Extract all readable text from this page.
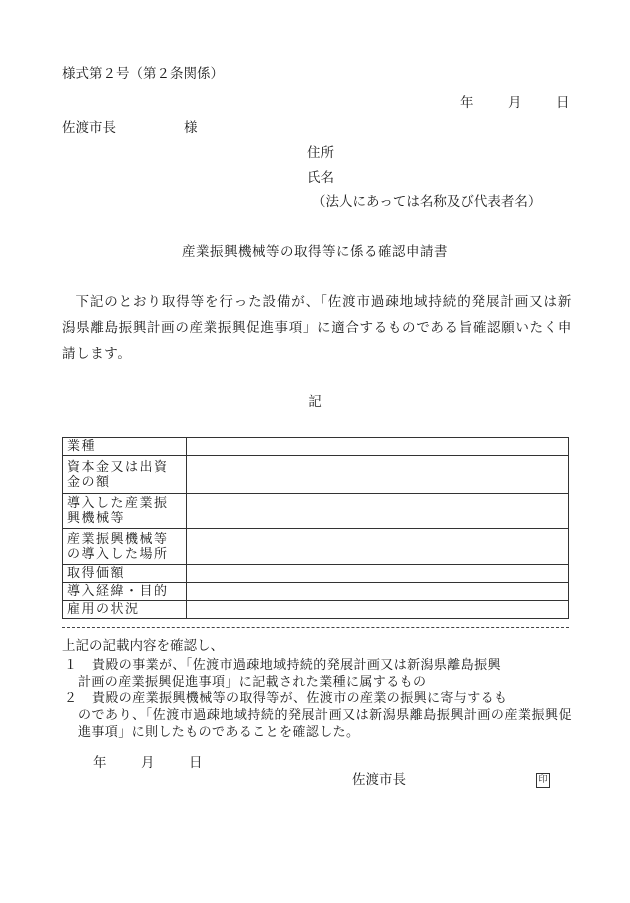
様式第２号（第２条関係）
年	月	日
佐渡市長	様
住所
氏名
（法人にあっては名称及び代表者名）
産業振興機械等の取得等に係る確認申請書
下記のとおり取得等を行った設備が、「佐渡市過疎地域持続的発展計画又は新潟県離島振興計画の産業振興促進事項」に適合するものである旨確認願いたく申請します。
記
業種	
資本金又は出資金の額	
導入した産業振興機械等	
産業振興機械等の導入した場所	
取得価額	
導入経緯・目的	
雇用の状況	
上記の記載内容を確認し、
１ 貴殿の事業が、「佐渡市過疎地域持続的発展計画又は新潟県離島振興
計画の産業振興促進事項」に記載された業種に属するもの
２ 貴殿の産業振興機械等の取得等が、佐渡市の産業の振興に寄与するも
のであり、「佐渡市過疎地域持続的発展計画又は新潟県離島振興計画の産業振興促進事項」に則したものであることを確認した。
年	月	日
佐渡市長	印
